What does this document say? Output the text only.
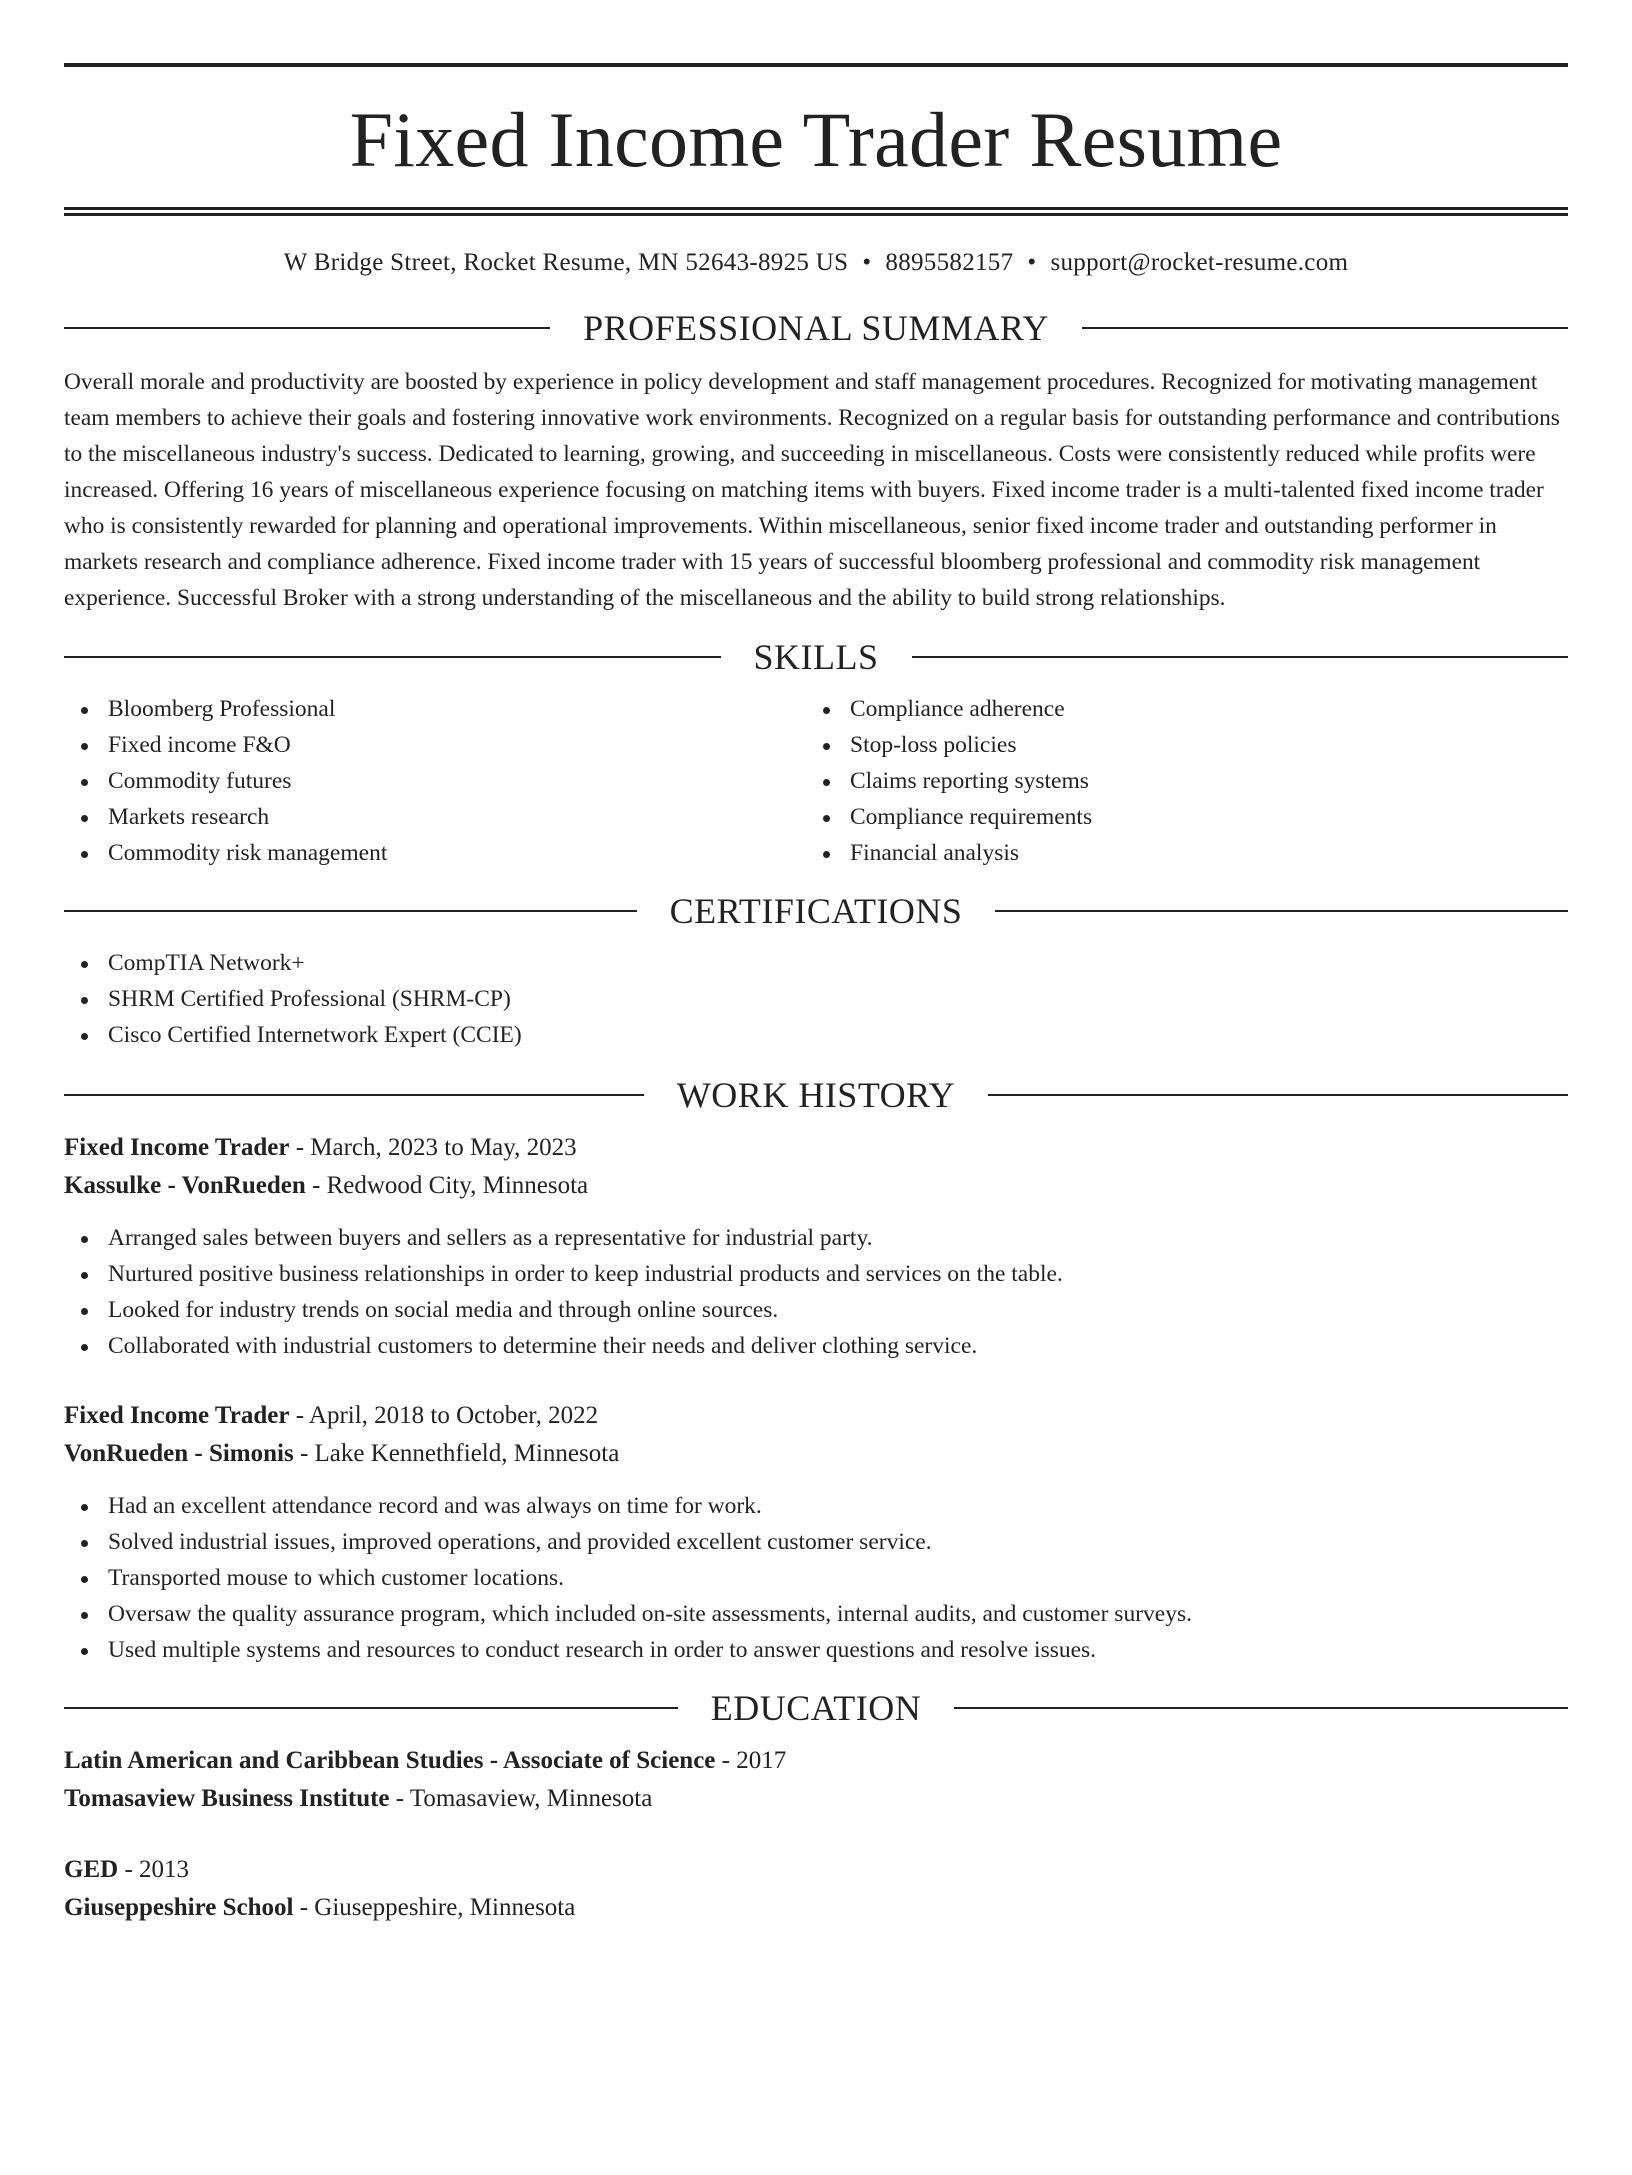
Fixed Income Trader Resume
W Bridge Street, Rocket Resume, MN 52643-8925 US • 8895582157 • support@rocket-resume.com
PROFESSIONAL SUMMARY

Overall morale and productivity are boosted by experience in policy development and staff management procedures. Recognized for motivating management team members to achieve their goals and fostering innovative work environments. Recognized on a regular basis for outstanding performance and contributions to the miscellaneous industry's success. Dedicated to learning, growing, and succeeding in miscellaneous. Costs were consistently reduced while profits were increased. Offering 16 years of miscellaneous experience focusing on matching items with buyers. Fixed income trader is a multi-talented fixed income trader who is consistently rewarded for planning and operational improvements. Within miscellaneous, senior fixed income trader and outstanding performer in markets research and compliance adherence. Fixed income trader with 15 years of successful bloomberg professional and commodity risk management experience. Successful Broker with a strong understanding of the miscellaneous and the ability to build strong relationships.

SKILLS
Bloomberg Professional
Fixed income F&O
Commodity futures
Markets research
Commodity risk management
Compliance adherence
Stop-loss policies
Claims reporting systems
Compliance requirements
Financial analysis
CERTIFICATIONS
CompTIA Network+
SHRM Certified Professional (SHRM-CP)
Cisco Certified Internetwork Expert (CCIE)
WORK HISTORY
Fixed Income Trader - March, 2023 to May, 2023
Kassulke - VonRueden - Redwood City, Minnesota
Arranged sales between buyers and sellers as a representative for industrial party.
Nurtured positive business relationships in order to keep industrial products and services on the table.
Looked for industry trends on social media and through online sources.
Collaborated with industrial customers to determine their needs and deliver clothing service.
Fixed Income Trader - April, 2018 to October, 2022
VonRueden - Simonis - Lake Kennethfield, Minnesota
Had an excellent attendance record and was always on time for work.
Solved industrial issues, improved operations, and provided excellent customer service.
Transported mouse to which customer locations.
Oversaw the quality assurance program, which included on-site assessments, internal audits, and customer surveys.
Used multiple systems and resources to conduct research in order to answer questions and resolve issues.
EDUCATION
Latin American and Caribbean Studies - Associate of Science - 2017
Tomasaview Business Institute - Tomasaview, Minnesota
GED - 2013
Giuseppeshire School - Giuseppeshire, Minnesota
